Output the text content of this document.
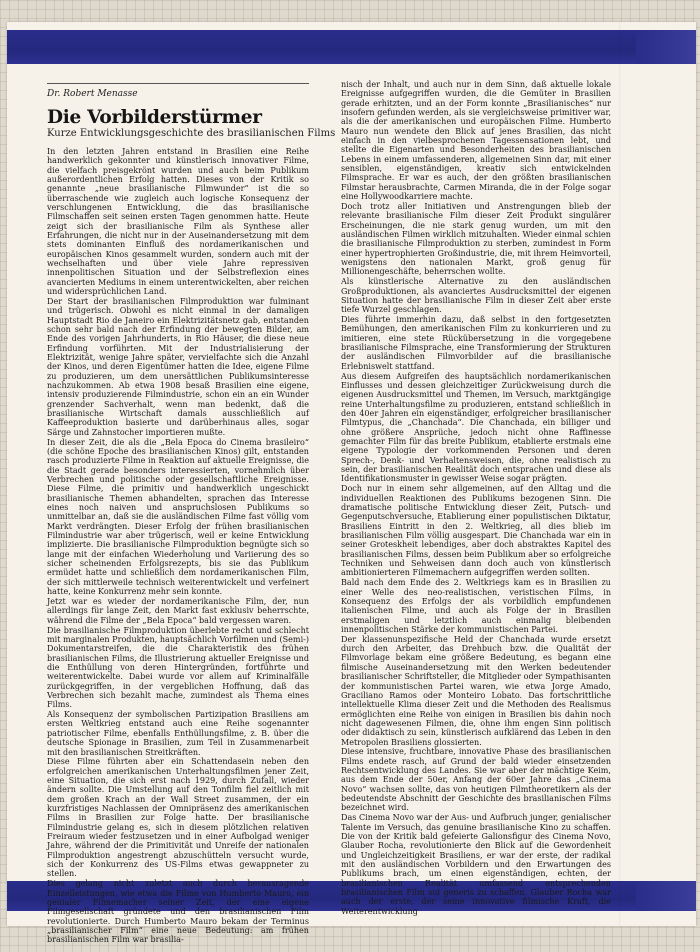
Dr. Robert Menasse
Die Vorbilderstürmer
Kurze Entwicklungsgeschichte des brasilianischen Films

In den letzten Jahren entstand in Brasilien eine Reihe handwerklich gekonnter und künstlerisch innovativer Filme, die vielfach preisgekrönt wurden und auch beim Publikum außerordentlichen Erfolg hatten. Dieses von der Kritik so genannte „neue brasilianische Filmwunder“ ist die so überraschende wie zugleich auch logische Konsequenz der verschlungenen Entwicklung, die das brasilianische Filmschaffen seit seinen ersten Tagen genommen hatte. Heute zeigt sich der brasilianische Film als Synthese aller Erfahrungen, die nicht nur in der Auseinandersetzung mit dem stets dominanten Einfluß des nordamerikanischen und europäischen Kinos gesammelt wurden, sondern auch mit der wechselhaften und über viele Jahre repressiven innenpolitischen Situation und der Selbstreflexion eines avancierten Mediums in einem unterentwickelten, aber reichen und widersprüchlichen Land.

Der Start der brasilianischen Filmproduktion war fulminant und trügerisch. Obwohl es nicht einmal in der damaligen Hauptstadt Rio de Janeiro ein Elektrizitätsnetz gab, entstanden schon sehr bald nach der Erfindung der bewegten Bilder, am Ende des vorigen Jahrhunderts, in Rio Häuser, die diese neue Erfindung vorführten. Mit der Industrialisierung der Elektrizität, wenige Jahre später, vervielfachte sich die Anzahl der Kinos, und deren Eigentümer hatten die Idee, eigene Filme zu produzieren, um dem unersättlichen Publikumsinteresse nachzukommen. Ab etwa 1908 besaß Brasilien eine eigene, intensiv produzierende Filmindustrie, schon ein an ein Wunder grenzender Sachverhalt, wenn man bedenkt, daß die brasilianische Wirtschaft damals ausschließlich auf Kaffeeproduktion basierte und darüberhinaus alles, sogar Särge und Zahnstocher importieren mußte.

In dieser Zeit, die als die „Bela Epoca do Cinema brasileiro“ (die schöne Epoche des brasilianischen Kinos) gilt, entstanden rasch produzierte Filme in Reaktion auf aktuelle Ereignisse, die die Stadt gerade besonders interessierten, vornehmlich über Verbrechen und politische oder gesellschaftliche Ereignisse. Diese Filme, die primitiv und handwerklich ungeschickt brasilianische Themen abhandelten, sprachen das Interesse eines noch naiven und anspruchslosen Publikums so unmittelbar an, daß sie die ausländischen Filme fast völlig vom Markt verdrängten. Dieser Erfolg der frühen brasilianischen Filmindustrie war aber trügerisch, weil er keine Entwicklung implizierte. Die brasilianische Filmproduktion begnügte sich so lange mit der einfachen Wiederholung und Variierung des so sicher scheinenden Erfolgsrezepts, bis sie das Publikum ermüdet hatte und schließlich dem nordamerikanischen Film, der sich mittlerweile technisch weiterentwickelt und verfeinert hatte, keine Konkurrenz mehr sein konnte.

Jetzt war es wieder der nordamerikanische Film, der, nun allerdings für lange Zeit, den Markt fast exklusiv beherrschte, während die Filme der „Bela Epoca“ bald vergessen waren.

Die brasilianische Filmproduktion überlebte recht und schlecht mit marginalen Produkten, hauptsächlich Vorfilmen und (Semi-) Dokumentarstreifen, die die Charakteristik des frühen brasilianischen Films, die Illustrierung aktueller Ereignisse und die Enthüllung von deren Hintergründen, fortführte und weiterentwickelte. Dabei wurde vor allem auf Kriminalfälle zurückgegriffen, in der vergeblichen Hoffnung, daß das Verbrechen sich bezahlt mache, zumindest als Thema eines Films.

Als Konsequenz der symbolischen Partizipation Brasiliens am ersten Weltkrieg entstand auch eine Reihe sogenannter patriotischer Filme, ebenfalls Enthüllungsfilme, z. B. über die deutsche Spionage in Brasilien, zum Teil in Zusammenarbeit mit den brasilianischen Streitkräften.

Diese Filme führten aber ein Schattendasein neben den erfolgreichen amerikanischen Unterhaltungsfilmen jener Zeit, eine Situation, die sich erst nach 1929, durch Zufall, wieder ändern sollte. Die Umstellung auf den Tonfilm fiel zeitlich mit dem großen Krach an der Wall Street zusammen, der ein kurzfristiges Nachlassen der Omnipräsenz des amerikanischen Films in Brasilien zur Folge hatte. Der brasilianische Filmindustrie gelang es, sich in diesem plötzlichen relativen Freiraum wieder festzusetzen und in einer Aufbolgad weniger Jahre, während der die Primitivität und Unreife der nationalen Filmproduktion angestrengt abzuschütteln versucht wurde, sich der Konkurrenz des US-Films etwas gewappneter zu stellen.

Dies gelang nicht zuletzt auch durch herausragende Einzelleistungen, wie etwa die Filme von Humberto Mauro, ein genialer Filmemacher seiner Zeit, der eine eigene Filmgesellschaft gründete und den brasilianischen Film revolutionierte. Durch Humberto Mauro bekam der Terminus „brasilianischer Film“ eine neue Bedeutung: am frühen brasilianischen Film war brasilia-

nisch der Inhalt, und auch nur in dem Sinn, daß aktuelle lokale Ereignisse aufgegriffen wurden, die die Gemüter in Brasilien gerade erhitzten, und an der Form konnte „Brasilianisches“ nur insofern gefunden werden, als sie vergleichsweise primitiver war, als die der amerikanischen und europäischen Filme. Humberto Mauro nun wendete den Blick auf jenes Brasilien, das nicht einfach in den vielbesprochenen Tagessensationen lebt, und stellte die Eigenarten und Besonderheiten des brasilianischen Lebens in einem umfassenderen, allgemeinen Sinn dar, mit einer sensiblen, eigenständigen, kreativ sich entwickelnden Filmsprache. Er war es auch, der den größten brasilianischen Filmstar herausbrachte, Carmen Miranda, die in der Folge sogar eine Hollywoodkarriere machte.

Doch trotz aller Initiativen und Anstrengungen blieb der relevante brasilianische Film dieser Zeit Produkt singulärer Erscheinungen, die nie stark genug wurden, um mit den ausländischen Filmen wirklich mitzuhalten. Wieder einmal schien die brasilianische Filmproduktion zu sterben, zumindest in Form einer hypertrophierten Großindustrie, die, mit ihrem Heimvorteil, wenigstens den nationalen Markt, groß genug für Millionengeschäfte, beherrschen wollte.

Als künstlerische Alternative zu den ausländischen Großproduktionen, als avanciertes Ausdrucksmittel der eigenen Situation hatte der brasilianische Film in dieser Zeit aber erste tiefe Wurzel geschlagen.

Dies führte immerhin dazu, daß selbst in den fortgesetzten Bemühungen, den amerikanischen Film zu konkurrieren und zu imitieren, eine stete Rückübersetzung in die vorgegebene brasilianische Filmsprache, eine Transformierung der Strukturen der ausländischen Filmvorbilder auf die brasilianische Erlebniswelt stattfand.

Aus diesem Aufgreifen des hauptsächlich nordamerikanischen Einflusses und dessen gleichzeitiger Zurückweisung durch die eigenen Ausdrucksmittel und Themen, im Versuch, marktgängige reine Unterhaltungsfilme zu produzieren, entstand schließlich in den 40er Jahren ein eigenständiger, erfolgreicher brasilianischer Filmtypus, die „Chanchada“. Die Chanchada, ein billiger und ohne größere Ansprüche, jedoch nicht ohne Raffinesse gemachter Film für das breite Publikum, etablierte erstmals eine eigene Typologie der vorkommenden Personen und deren Sprech-, Denk- und Verhaltensweisen, die, ohne realistisch zu sein, der brasilianischen Realität doch entsprachen und diese als Identifikationsmuster in gewisser Weise sogar prägten.

Doch nur in einem sehr allgemeinen, auf den Alltag und die individuellen Reaktionen des Publikums bezogenen Sinn. Die dramatische politische Entwicklung dieser Zeit, Putsch- und Gegenputschversuche, Etablierung einer populistischen Diktatur, Brasiliens Eintritt in den 2. Weltkrieg, all dies blieb im brasilianischen Film völlig ausgespart. Die Chanchada war ein in seiner Groteskheit lebendiges, aber doch abstraktes Kapitel des brasilianischen Films, dessen beim Publikum aber so erfolgreiche Techniken und Sehweisen dann doch auch von künstlerisch ambitionierteren Filmemachern aufgegriffen werden sollten.

Bald nach dem Ende des 2. Weltkriegs kam es in Brasilien zu einer Welle des neo-realistischen, veristischen Films, in Konsequenz des Erfolgs der als vorbildlich empfundenen italienischen Filme, und auch als Folge der in Brasilien erstmaligen und letztlich auch einmalig bleibenden innenpolitischen Stärke der kommunistischen Partei.

Der klassenunspezifische Held der Chanchada wurde ersetzt durch den Arbeiter, das Drehbuch bzw. die Qualität der Filmvorlage bekam eine größere Bedeutung, es begann eine filmische Auseinandersetzung mit den Werken bedeutender brasilianischer Schriftsteller, die Mitglieder oder Sympathisanten der kommunistischen Partei waren, wie etwa Jorge Amado, Graciliano Ramos oder Monteiro Lobato. Das fortschrittliche intellektuelle Klima dieser Zeit und die Methoden des Realismus ermöglichten eine Reihe von einigen in Brasilien bis dahin noch nicht dagewesenen Filmen, die, ohne ihm engen Sinn politisch oder didaktisch zu sein, künstlerisch aufklärend das Leben in den Metropolen Brasiliens glossierten.

Diese intensive, fruchtbare, innovative Phase des brasilianischen Films endete rasch, auf Grund der bald wieder einsetzenden Rechtsentwicklung des Landes. Sie war aber der mächtige Keim, aus dem Ende der 50er, Anfang der 60er Jahre das „Cinema Novo“ wachsen sollte, das von heutigen Filmtheoretikern als der bedeutendste Abschnitt der Geschichte des brasilianischen Films bezeichnet wird.

Das Cinema Novo war der Aus- und Aufbruch junger, genialischer Talente im Versuch, das genuine brasilianische Kino zu schaffen. Die von der Kritik bald gefeierte Galionsfigur des Cinema Novo, Glauber Rocha, revolutionierte den Blick auf die Gewordenheit und Ungleichzeitigkeit Brasiliens, er war der erste, der radikal mit den ausländischen Vorbildern und den Erwartungen des Publikums brach, um einen eigenständigen, echten, der brasilianischen Realität umfassend entsprechenden brasilianischen Film sui generis zu schaffen. Glauber Rocha war auch der erste, der seine innovative filmische Kraft, die Weiterentwicklung
